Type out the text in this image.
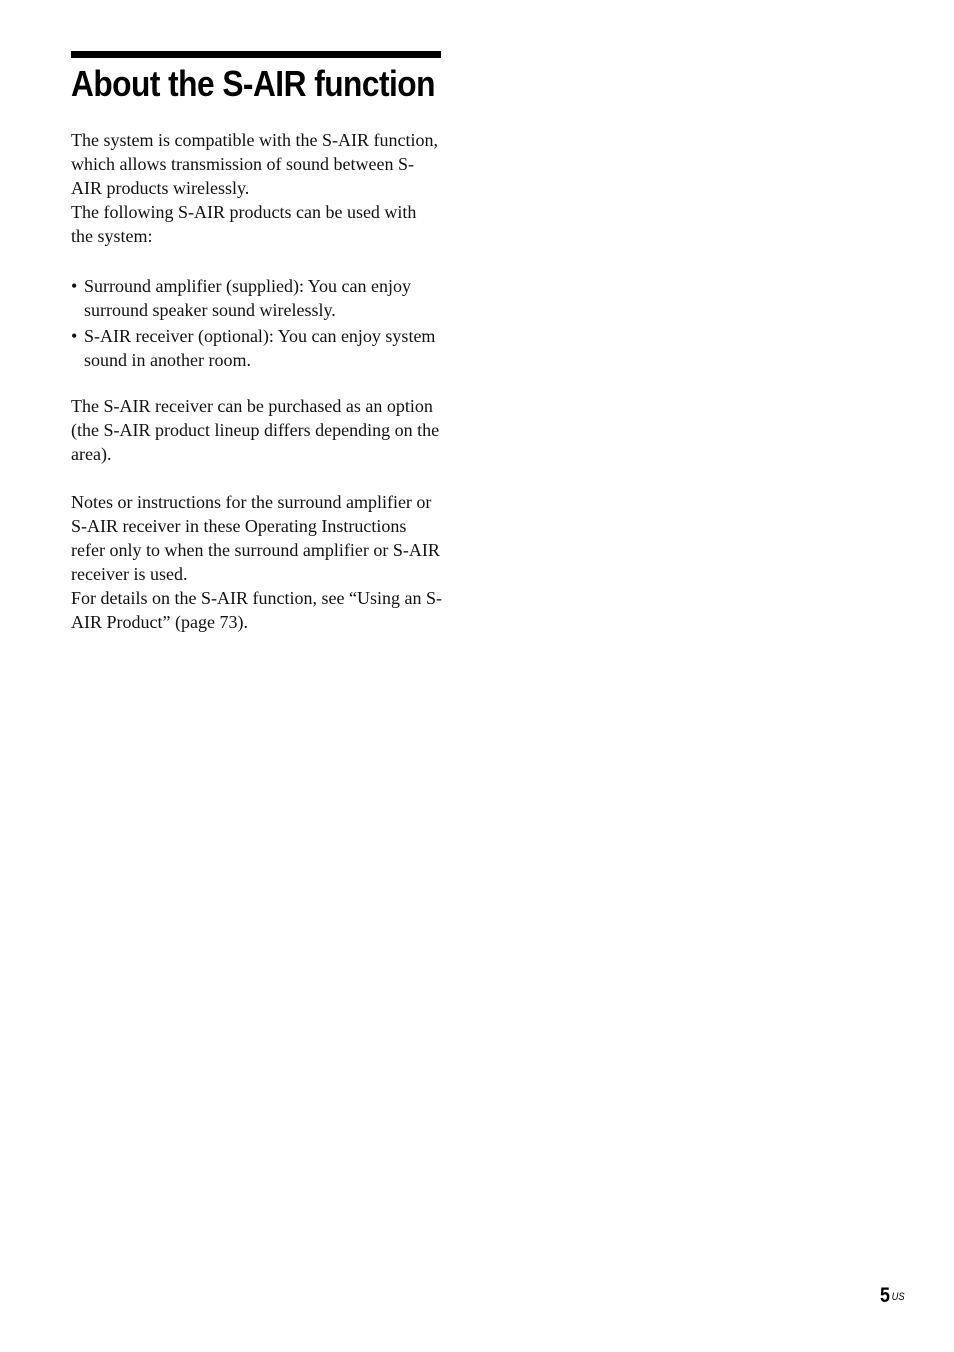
About the S-AIR function

The system is compatible with the S-AIR function, which allows transmission of sound between S-AIR products wirelessly.
The following S-AIR products can be used with the system:

• Surround amplifier (supplied): You can enjoy surround speaker sound wirelessly.
• S-AIR receiver (optional): You can enjoy system sound in another room.

The S-AIR receiver can be purchased as an option (the S-AIR product lineup differs depending on the area).

Notes or instructions for the surround amplifier or S-AIR receiver in these Operating Instructions refer only to when the surround amplifier or S-AIR receiver is used.
For details on the S-AIR function, see “Using an S-AIR Product” (page 73).

5 $^{US}$
